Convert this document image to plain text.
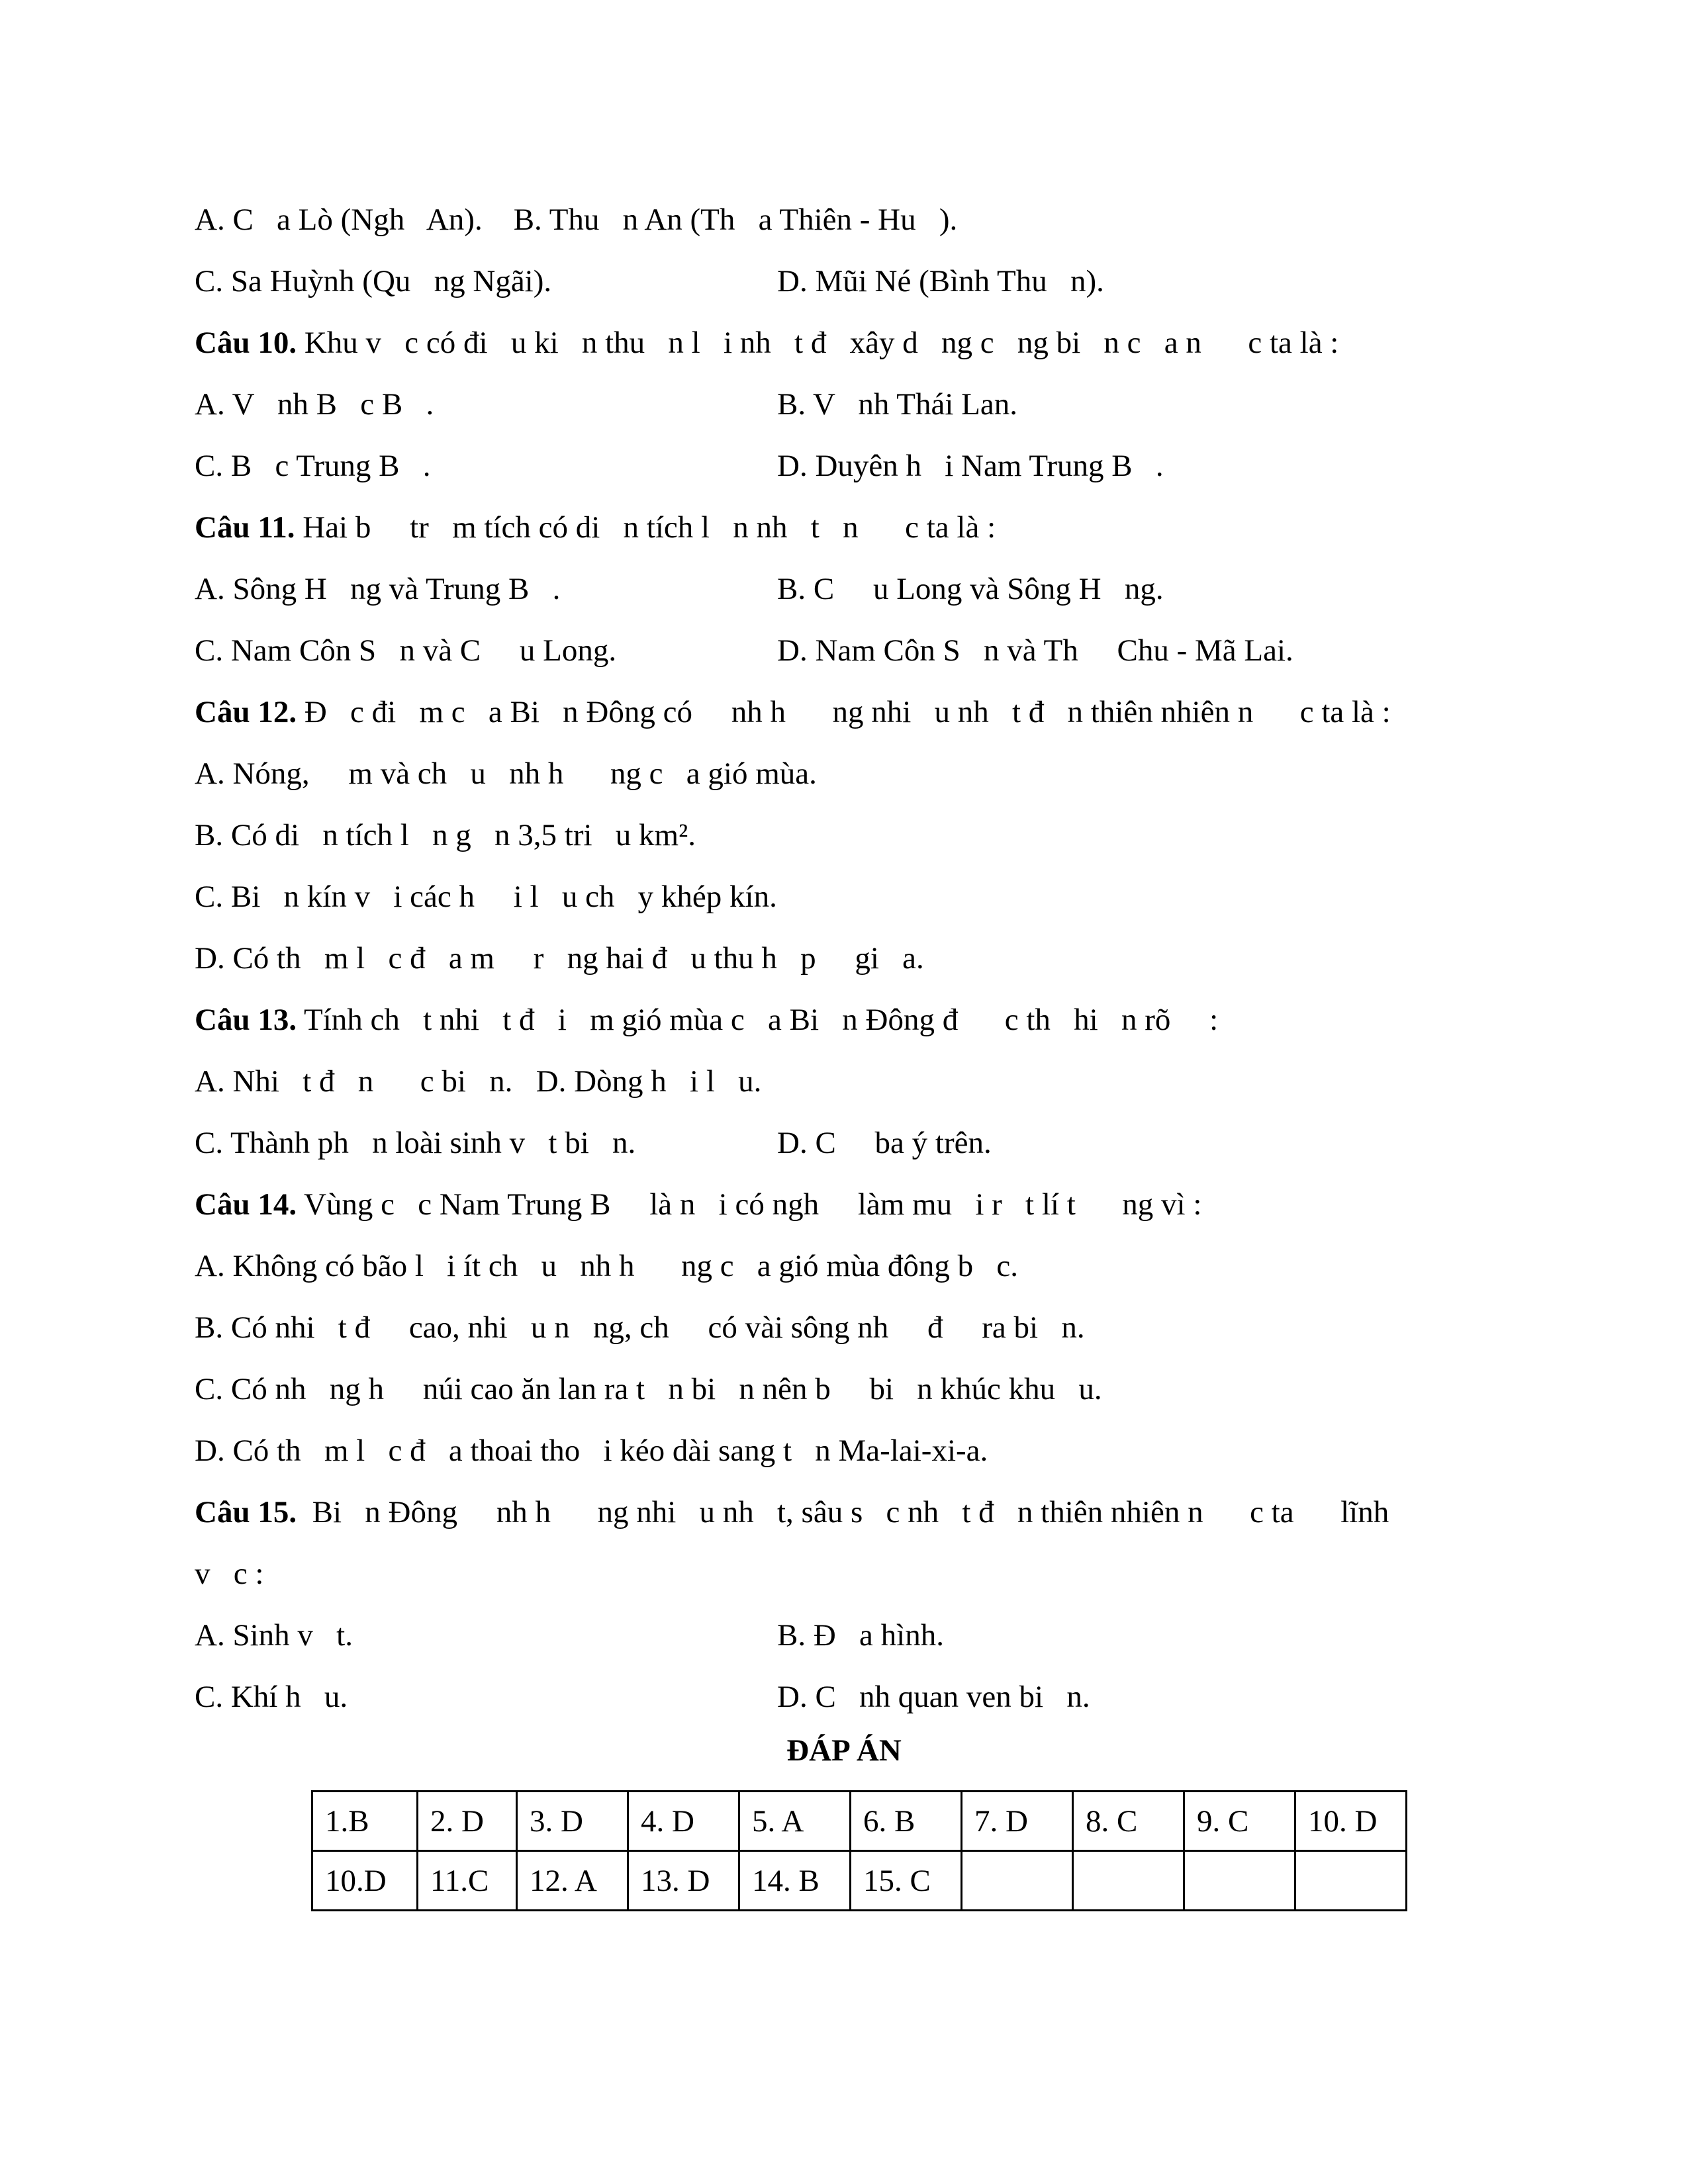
A. C   a Lò (Ngh   An).    B. Thu   n An (Th   a Thiên - Hu   ).
C. Sa Huỳnh (Qu   ng Ngãi).	D. Mũi Né (Bình Thu   n).
Câu 10. Khu v   c có đi   u ki   n thu   n l   i nh   t đ   xây d   ng c   ng bi   n c   a n      c ta là :
A. V   nh B   c B   .	B. V   nh Thái Lan.
C. B   c Trung B   .	D. Duyên h   i Nam Trung B   .
Câu 11. Hai b     tr   m tích có di   n tích l   n nh   t   n      c ta là :
A. Sông H   ng và Trung B   .	B. C     u Long và Sông H   ng.
C. Nam Côn S   n và C     u Long.	D. Nam Côn S   n và Th     Chu - Mã Lai.
Câu 12. Đ   c đi   m c   a Bi   n Đông có     nh h      ng nhi   u nh   t đ   n thiên nhiên n      c ta là :
A. Nóng,     m và ch   u   nh h      ng c   a gió mùa.
B. Có di   n tích l   n g   n 3,5 tri   u km².
C. Bi   n kín v   i các h     i l   u ch   y khép kín.
D. Có th   m l   c đ   a m     r   ng hai đ   u thu h   p     gi   a.
Câu 13. Tính ch   t nhi   t đ   i   m gió mùa c   a Bi   n Đông đ      c th   hi   n rõ     :
A. Nhi   t đ   n      c bi   n.   D. Dòng h   i l   u.
C. Thành ph   n loài sinh v   t bi   n.	D. C     ba ý trên.
Câu 14. Vùng c   c Nam Trung B     là n   i có ngh     làm mu   i r   t lí t      ng vì :
A. Không có bão l   i ít ch   u   nh h      ng c   a gió mùa đông b   c.
B. Có nhi   t đ     cao, nhi   u n   ng, ch     có vài sông nh     đ     ra bi   n.
C. Có nh   ng h     núi cao ăn lan ra t   n bi   n nên b     bi   n khúc khu   u.
D. Có th   m l   c đ   a thoai tho   i kéo dài sang t   n Ma-lai-xi-a.
Câu 15.  Bi   n Đông     nh h      ng nhi   u nh   t, sâu s   c nh   t đ   n thiên nhiên n      c ta      lĩnh
v   c :
A. Sinh v   t.	B. Đ   a hình.
C. Khí h   u.	D. C   nh quan ven bi   n.
ĐÁP ÁN
1.B	2. D	3. D	4. D	5. A	6. B	7. D	8. C	9. C	10. D
10.D	11.C	12. A	13. D	14. B	15. C				
